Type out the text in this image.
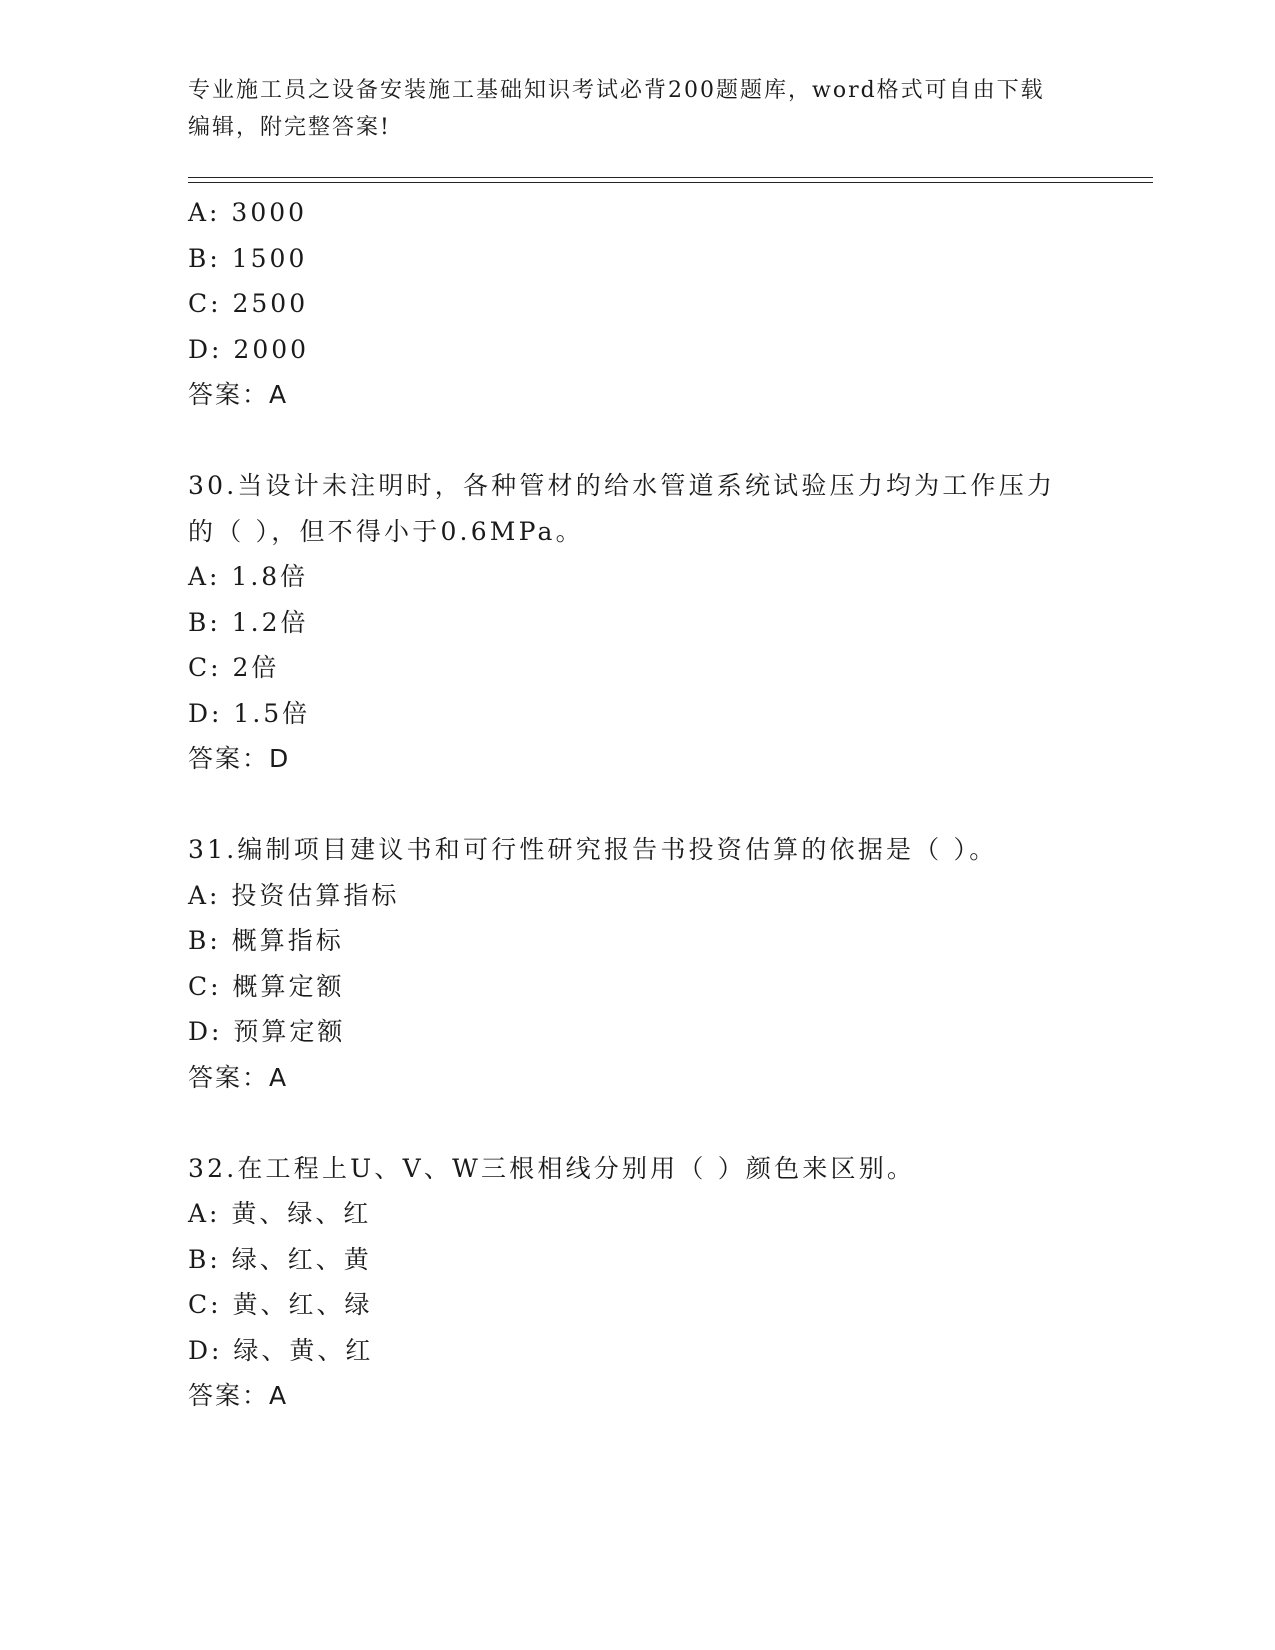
专业施工员之设备安装施工基础知识考试必背200题题库，word格式可自由下载
编辑，附完整答案!
A: 3000
B: 1500
C: 2500
D: 2000
答案：A
30.当设计未注明时，各种管材的给水管道系统试验压力均为工作压力
的（ ），但不得小于0.6MPa。
A: 1.8倍
B: 1.2倍
C: 2倍
D: 1.5倍
答案：D
31.编制项目建议书和可行性研究报告书投资估算的依据是（ ）。
A: 投资估算指标
B: 概算指标
C: 概算定额
D: 预算定额
答案：A
32.在工程上U、V、W三根相线分别用（ ）颜色来区别。
A: 黄、绿、红
B: 绿、红、黄
C: 黄、红、绿
D: 绿、黄、红
答案：A
